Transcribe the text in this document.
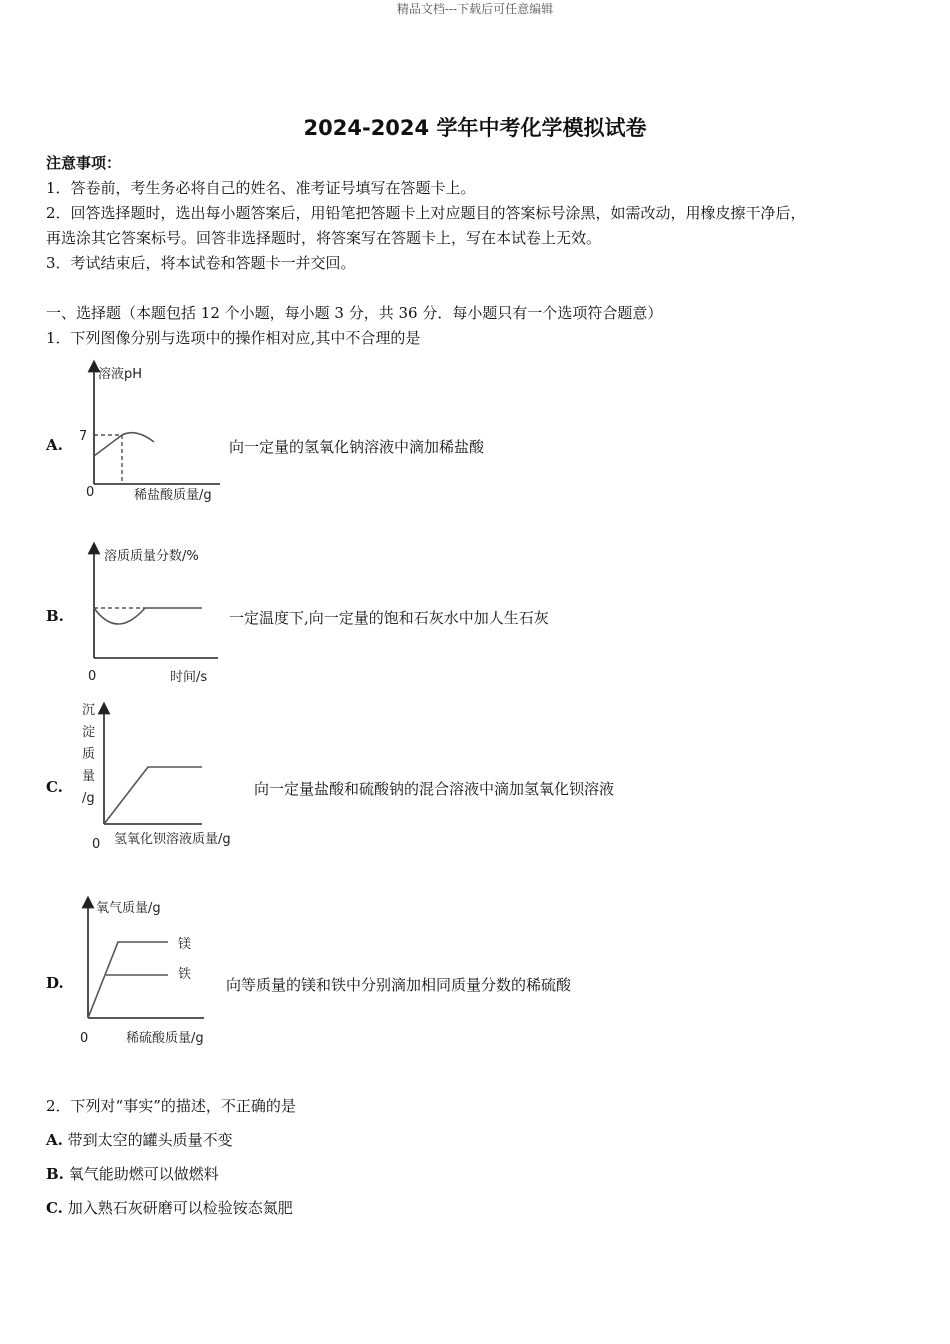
精品文档---下载后可任意编辑
2024-2024 学年中考化学模拟试卷
注意事项：
1．答卷前，考生务必将自己的姓名、准考证号填写在答题卡上。
2．回答选择题时，选出每小题答案后，用铅笔把答题卡上对应题目的答案标号涂黑，如需改动，用橡皮擦干净后，
再选涂其它答案标号。回答非选择题时，将答案写在答题卡上，写在本试卷上无效。
3．考试结束后，将本试卷和答题卡一并交回。
一、选择题（本题包括 12 个小题，每小题 3 分，共 36 分．每小题只有一个选项符合题意）
1．下列图像分别与选项中的操作相对应,其中不合理的是
A.
溶液pH
7
0	稀盐酸质量/g
向一定量的氢氧化钠溶液中滴加稀盐酸
B.
溶质质量分数/%
0	时间/s
一定温度下,向一定量的饱和石灰水中加人生石灰
C.
沉
淀
质
量
/g
0 氢氧化钡溶液质量/g
向一定量盐酸和硫酸钠的混合溶液中滴加氢氧化钡溶液
D.
氧气质量/g
镁
铁
0	稀硫酸质量/g
向等质量的镁和铁中分别滴加相同质量分数的稀硫酸
2．下列对“事实”的描述，不正确的是
A. 带到太空的罐头质量不变
B. 氧气能助燃可以做燃料
C. 加入熟石灰研磨可以检验铵态氮肥
